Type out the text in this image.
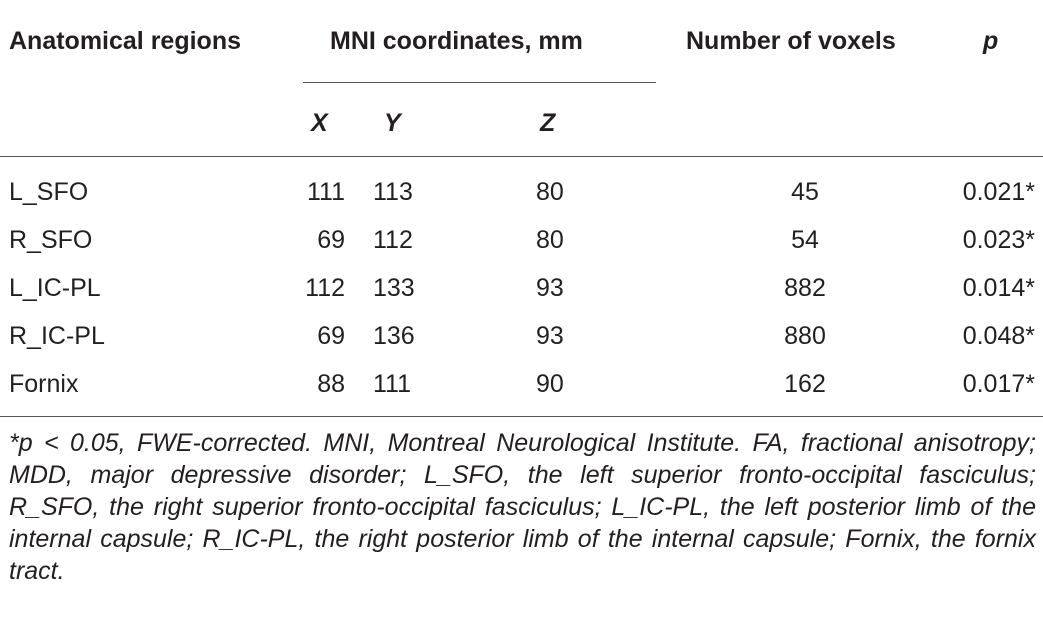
Anatomical regions	MNI coordinates, mm	Number of voxels	p
X Y	Z
L_SFO	111 113	80	45	0.021*
R_SFO	69 112	80	54	0.023*
L_IC-PL	112 133	93	882	0.014*
R_IC-PL	69 136	93	880	0.048*
Fornix	88 111	90	162	0.017*
*p < 0.05, FWE-corrected. MNI, Montreal Neurological Institute. FA, fractional anisotropy; MDD, major depressive disorder; L_SFO, the left superior fronto-occipital fasciculus; R_SFO, the right superior fronto-occipital fasciculus; L_IC-PL, the left posterior limb of the internal capsule; R_IC-PL, the right posterior limb of the internal capsule; Fornix, the fornix tract.
